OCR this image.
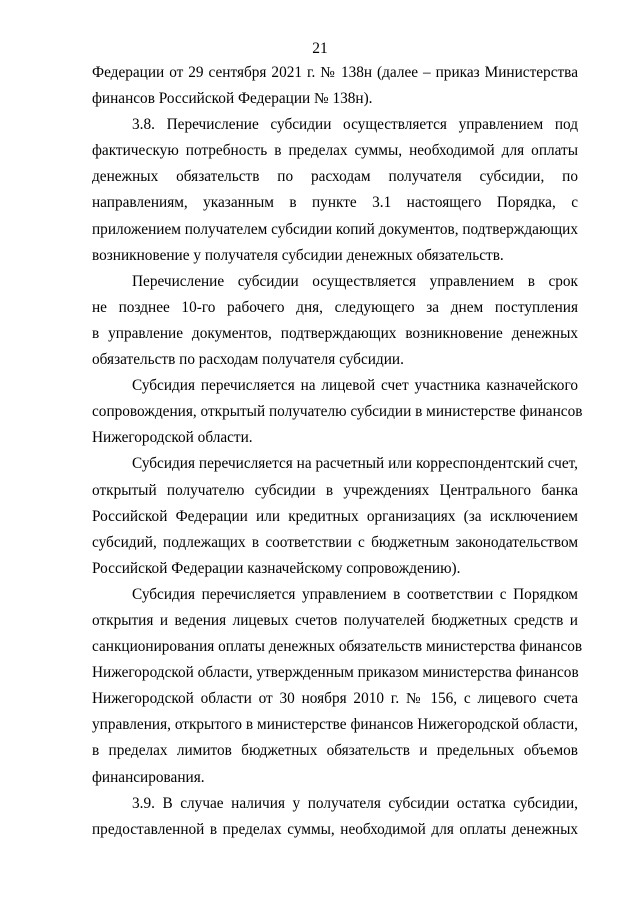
21
Федерации от 29 сентября 2021 г. № 138н (далее – приказ Министерства
финансов Российской Федерации № 138н).
3.8. Перечисление субсидии осуществляется управлением под
фактическую потребность в пределах суммы, необходимой для оплаты
денежных обязательств по расходам получателя субсидии, по
направлениям, указанным в пункте 3.1 настоящего Порядка, с
приложением получателем субсидии копий документов, подтверждающих
возникновение у получателя субсидии денежных обязательств.
Перечисление субсидии осуществляется управлением в срок
не позднее 10-го рабочего дня, следующего за днем поступления
в управление документов, подтверждающих возникновение денежных
обязательств по расходам получателя субсидии.
Субсидия перечисляется на лицевой счет участника казначейского
сопровождения, открытый получателю субсидии в министерстве финансов
Нижегородской области.
Субсидия перечисляется на расчетный или корреспондентский счет,
открытый получателю субсидии в учреждениях Центрального банка
Российской Федерации или кредитных организациях (за исключением
субсидий, подлежащих в соответствии с бюджетным законодательством
Российской Федерации казначейскому сопровождению).
Субсидия перечисляется управлением в соответствии с Порядком
открытия и ведения лицевых счетов получателей бюджетных средств и
санкционирования оплаты денежных обязательств министерства финансов
Нижегородской области, утвержденным приказом министерства финансов
Нижегородской области от 30 ноября 2010 г. № 156, с лицевого счета
управления, открытого в министерстве финансов Нижегородской области,
в пределах лимитов бюджетных обязательств и предельных объемов
финансирования.
3.9. В случае наличия у получателя субсидии остатка субсидии,
предоставленной в пределах суммы, необходимой для оплаты денежных
